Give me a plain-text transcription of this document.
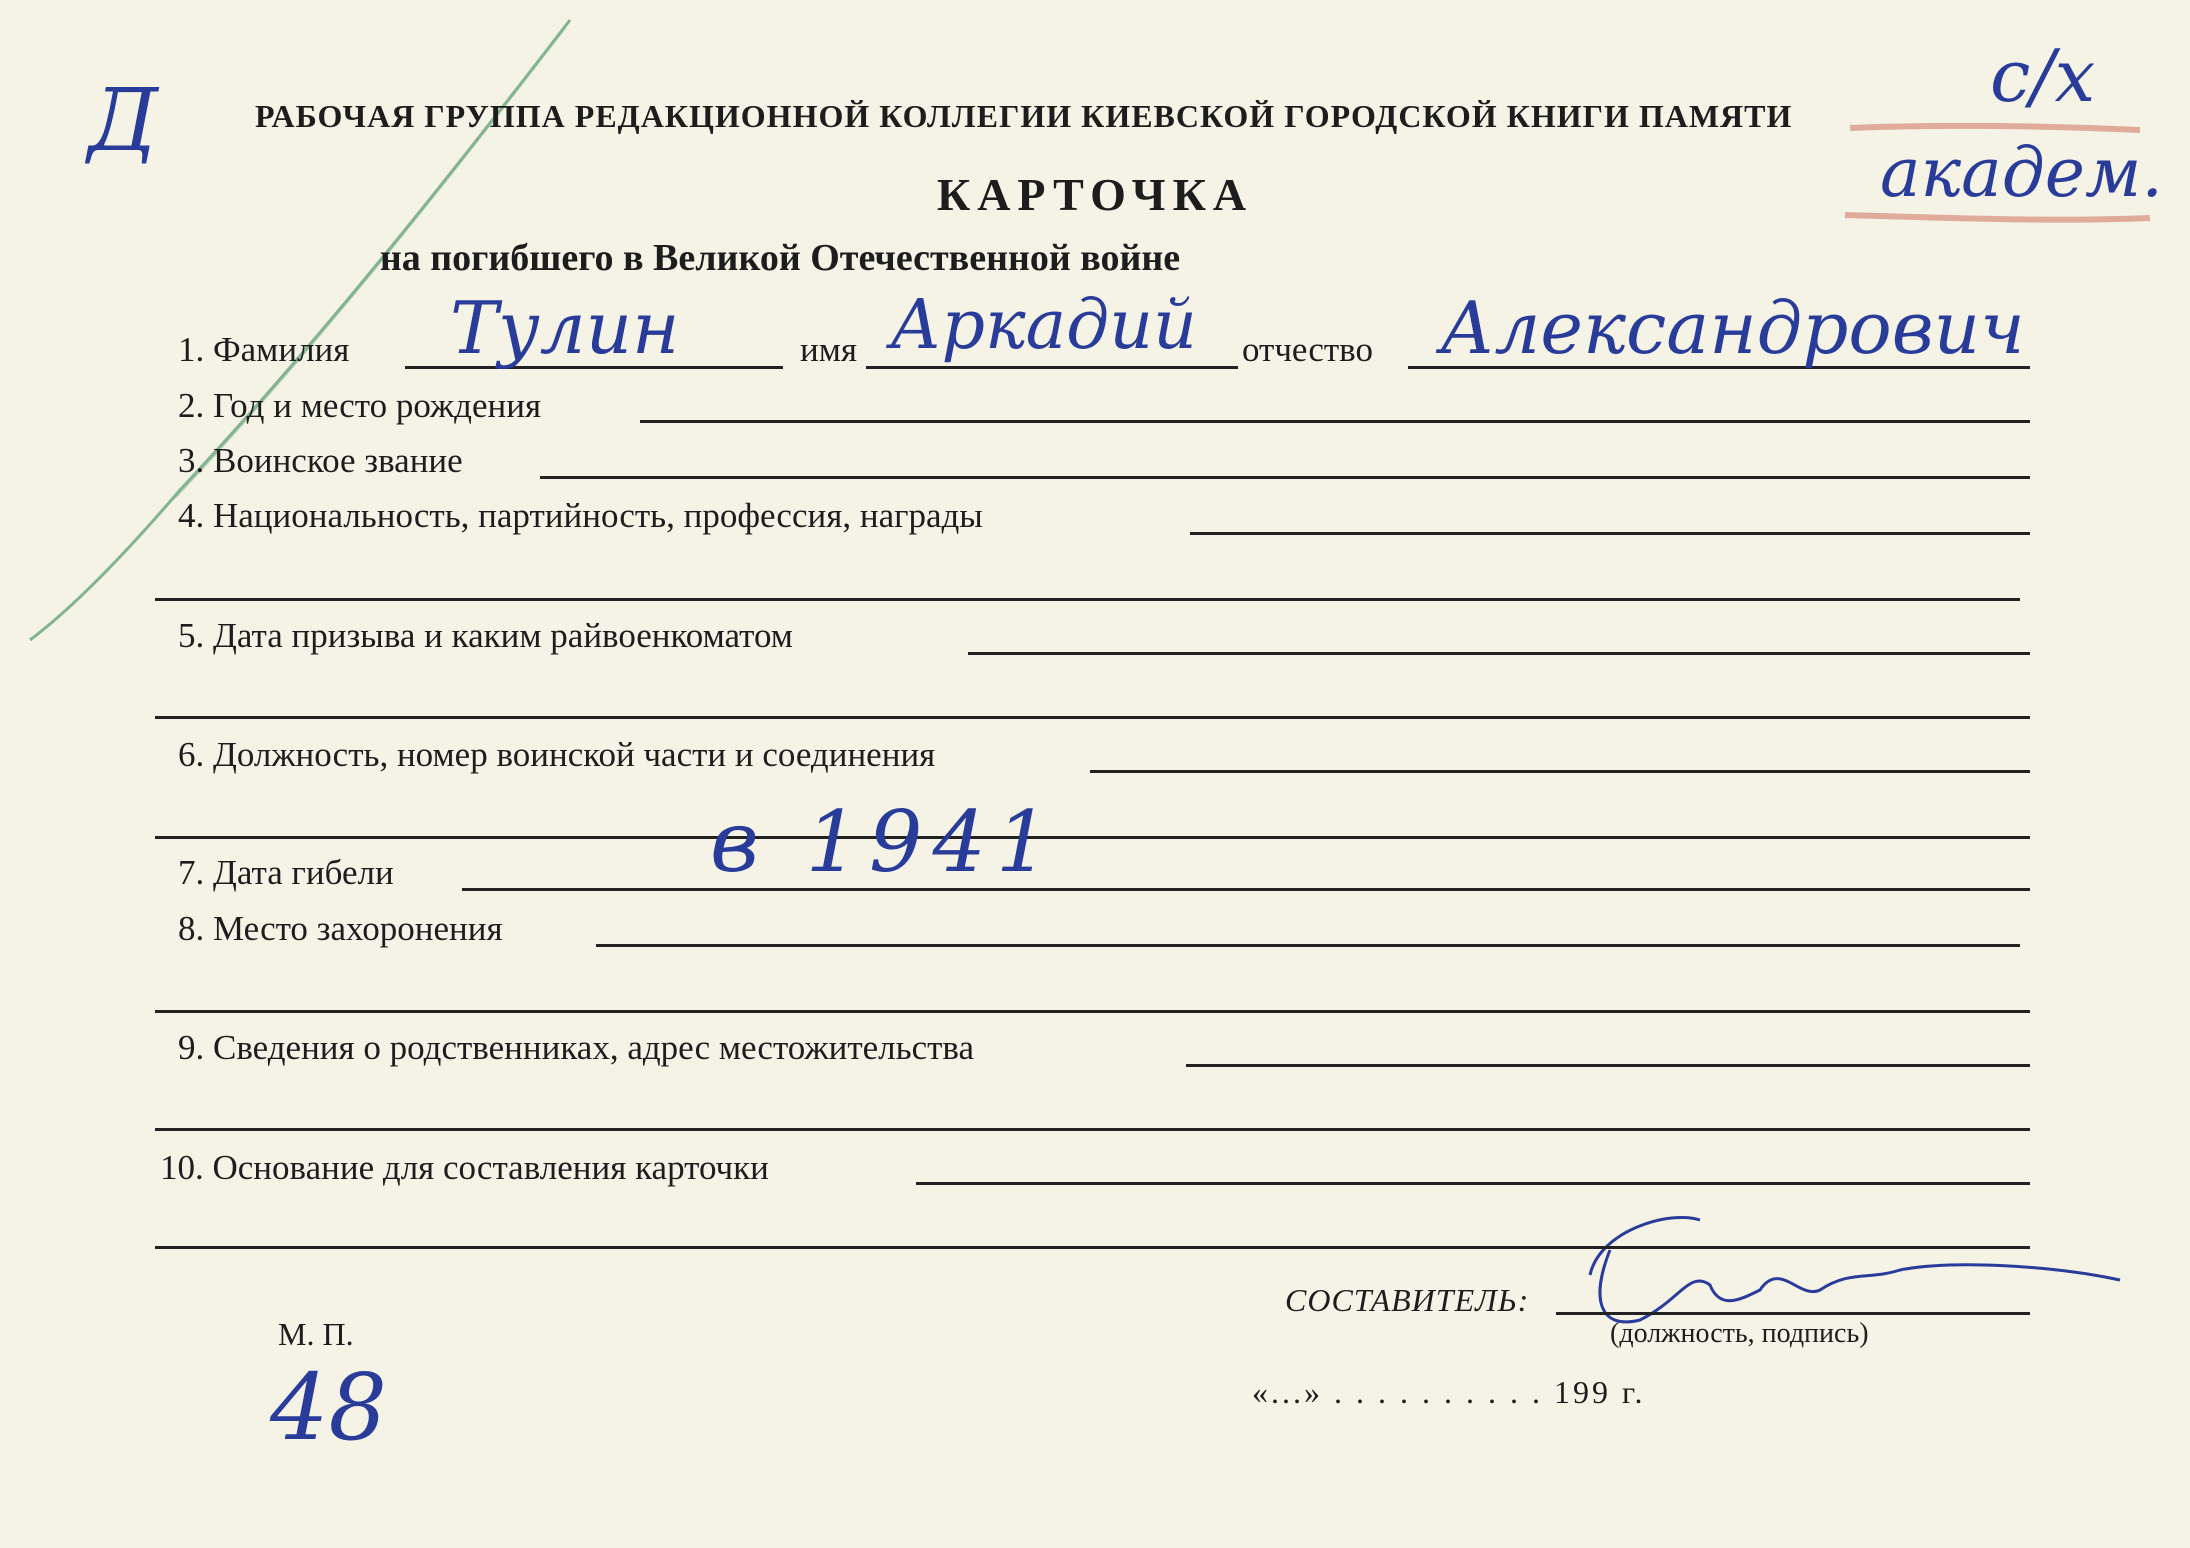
Д	с/х
академ.
РАБОЧАЯ ГРУППА РЕДАКЦИОННОЙ КОЛЛЕГИИ КИЕВСКОЙ ГОРОДСКОЙ КНИГИ ПАМЯТИ
КАРТОЧКА
на погибшего в Великой Отечественной войне
1. Фамилия Тулин	имя Аркадий отчество Александрович
2. Год и место рождения
3. Воинское звание
4. Национальность, партийность, профессия, награды
5. Дата призыва и каким райвоенкоматом
6. Должность, номер воинской части и соединения
7. Дата гибели	в 1941
8. Место захоронения
9. Сведения о родственниках, адрес местожительства
10. Основание для составления карточки
М. П.
48
СОСТАВИТЕЛЬ:
(должность, подпись)
«...» . . . . . . . . . . 199 г.
